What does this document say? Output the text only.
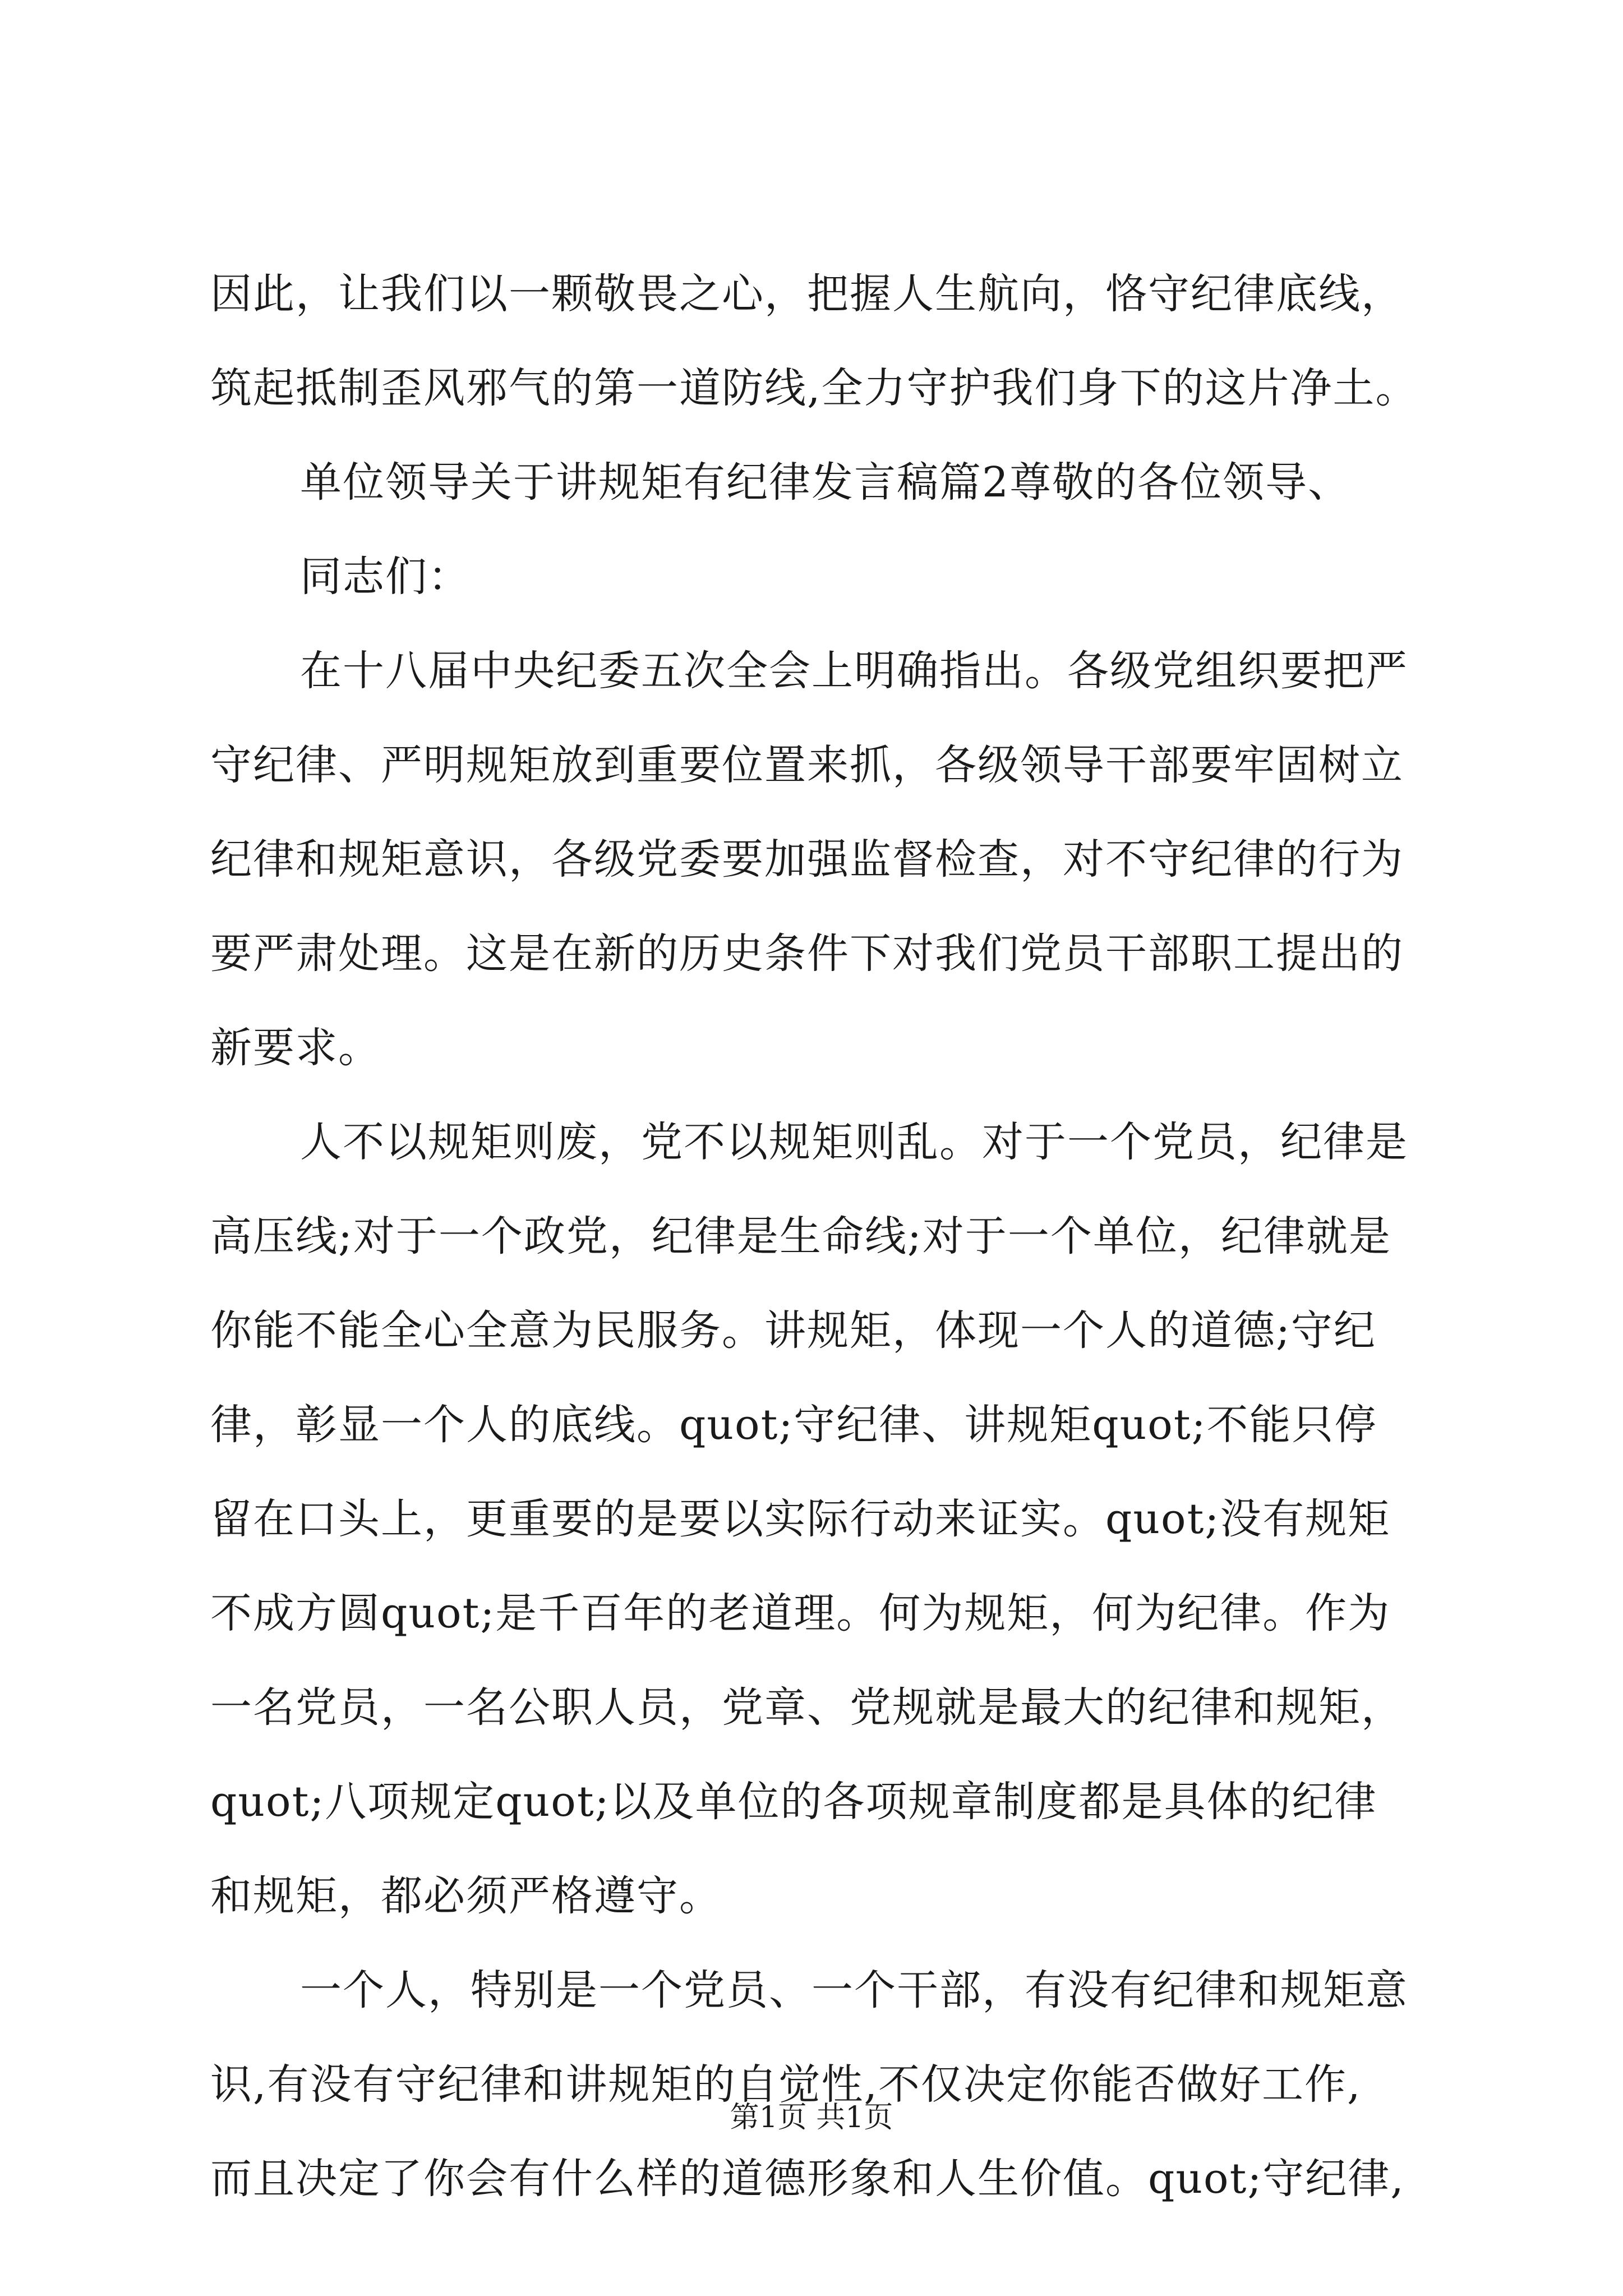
因此，让我们以一颗敬畏之心，把握人生航向，恪守纪律底线，
筑起抵制歪风邪气的第一道防线,全力守护我们身下的这片净土。
单位领导关于讲规矩有纪律发言稿篇2尊敬的各位领导、
同志们：
在十八届中央纪委五次全会上明确指出。各级党组织要把严
守纪律、严明规矩放到重要位置来抓，各级领导干部要牢固树立
纪律和规矩意识，各级党委要加强监督检查，对不守纪律的行为
要严肃处理。这是在新的历史条件下对我们党员干部职工提出的
新要求。
人不以规矩则废，党不以规矩则乱。对于一个党员，纪律是
高压线;对于一个政党，纪律是生命线;对于一个单位，纪律就是
你能不能全心全意为民服务。讲规矩，体现一个人的道德;守纪
律，彰显一个人的底线。quot;守纪律、讲规矩quot;不能只停
留在口头上，更重要的是要以实际行动来证实。quot;没有规矩
不成方圆quot;是千百年的老道理。何为规矩，何为纪律。作为
一名党员，一名公职人员，党章、党规就是最大的纪律和规矩，
quot;八项规定quot;以及单位的各项规章制度都是具体的纪律
和规矩，都必须严格遵守。
一个人，特别是一个党员、一个干部，有没有纪律和规矩意
识,有没有守纪律和讲规矩的自觉性,不仅决定你能否做好工作,
而且决定了你会有什么样的道德形象和人生价值。quot;守纪律,
第1页 共1页
